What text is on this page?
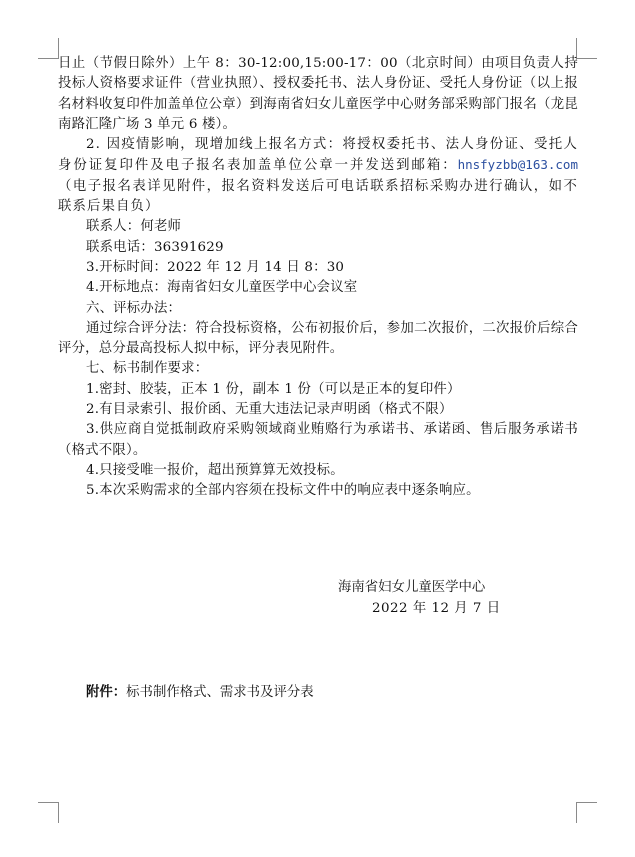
日止（节假日除外）上午 8：30-12:00,15:00-17：00（北京时间）由项目负责人持投标人资格要求证件（营业执照）、授权委托书、法人身份证、受托人身份证（以上报名材料收复印件加盖单位公章）到海南省妇女儿童医学中心财务部采购部门报名（龙昆南路汇隆广场 3 单元 6 楼）。

2. 因疫情影响，现增加线上报名方式：将授权委托书、法人身份证、受托人身份证复印件及电子报名表加盖单位公章一并发送到邮箱：hnsfyzbb@163.com（电子报名表详见附件，报名资料发送后可电话联系招标采购办进行确认，如不联系后果自负）

联系人：何老师

联系电话：36391629

3.开标时间：2022 年 12 月 14 日 8：30

4.开标地点：海南省妇女儿童医学中心会议室

六、评标办法：

通过综合评分法：符合投标资格，公布初报价后，参加二次报价，二次报价后综合评分，总分最高投标人拟中标，评分表见附件。

七、标书制作要求：

1.密封、胶装，正本 1 份，副本 1 份（可以是正本的复印件）

2.有目录索引、报价函、无重大违法记录声明函（格式不限）

3.供应商自觉抵制政府采购领域商业贿赂行为承诺书、承诺函、售后服务承诺书（格式不限）。

4.只接受唯一报价，超出预算算无效投标。

5.本次采购需求的全部内容须在投标文件中的响应表中逐条响应。

海南省妇女儿童医学中心
2022 年 12 月 7 日
附件：标书制作格式、需求书及评分表
